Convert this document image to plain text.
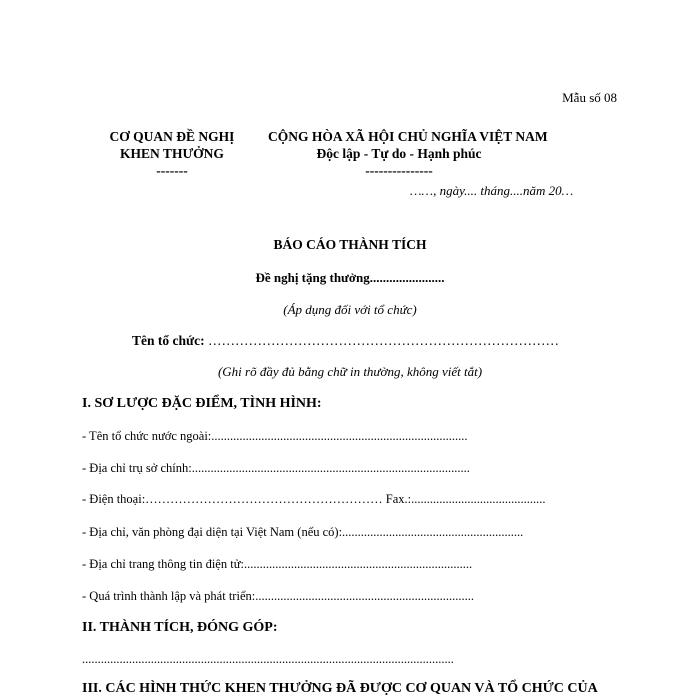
Mẫu số 08
CƠ QUAN ĐỀ NGHỊ
KHEN THƯỞNG
-------
CỘNG HÒA XÃ HỘI CHỦ NGHĨA VIỆT NAM
Độc lập - Tự do - Hạnh phúc
---------------
……, ngày.... tháng....năm 20…
BÁO CÁO THÀNH TÍCH
Đề nghị tặng thưởng.......................
(Áp dụng đối với tổ chức)
Tên tổ chức: ……………………………………………………………………
(Ghi rõ đầy đủ bằng chữ in thường, không viết tắt)
I. SƠ LƯỢC ĐẶC ĐIỂM, TÌNH HÌNH:
- Tên tổ chức nước ngoài:..................................................................................
- Địa chỉ trụ sở chính:.........................................................................................
- Điện thoại:………………………………………………… Fax.:...........................................
- Địa chỉ, văn phòng đại diện tại Việt Nam (nếu có):..........................................................
- Địa chỉ trang thông tin điện tử:.........................................................................
- Quá trình thành lập và phát triển:......................................................................
II. THÀNH TÍCH, ĐÓNG GÓP:
.......................................................................................................................
III. CÁC HÌNH THỨC KHEN THƯỞNG ĐÃ ĐƯỢC CƠ QUAN VÀ TỔ CHỨC CỦA
